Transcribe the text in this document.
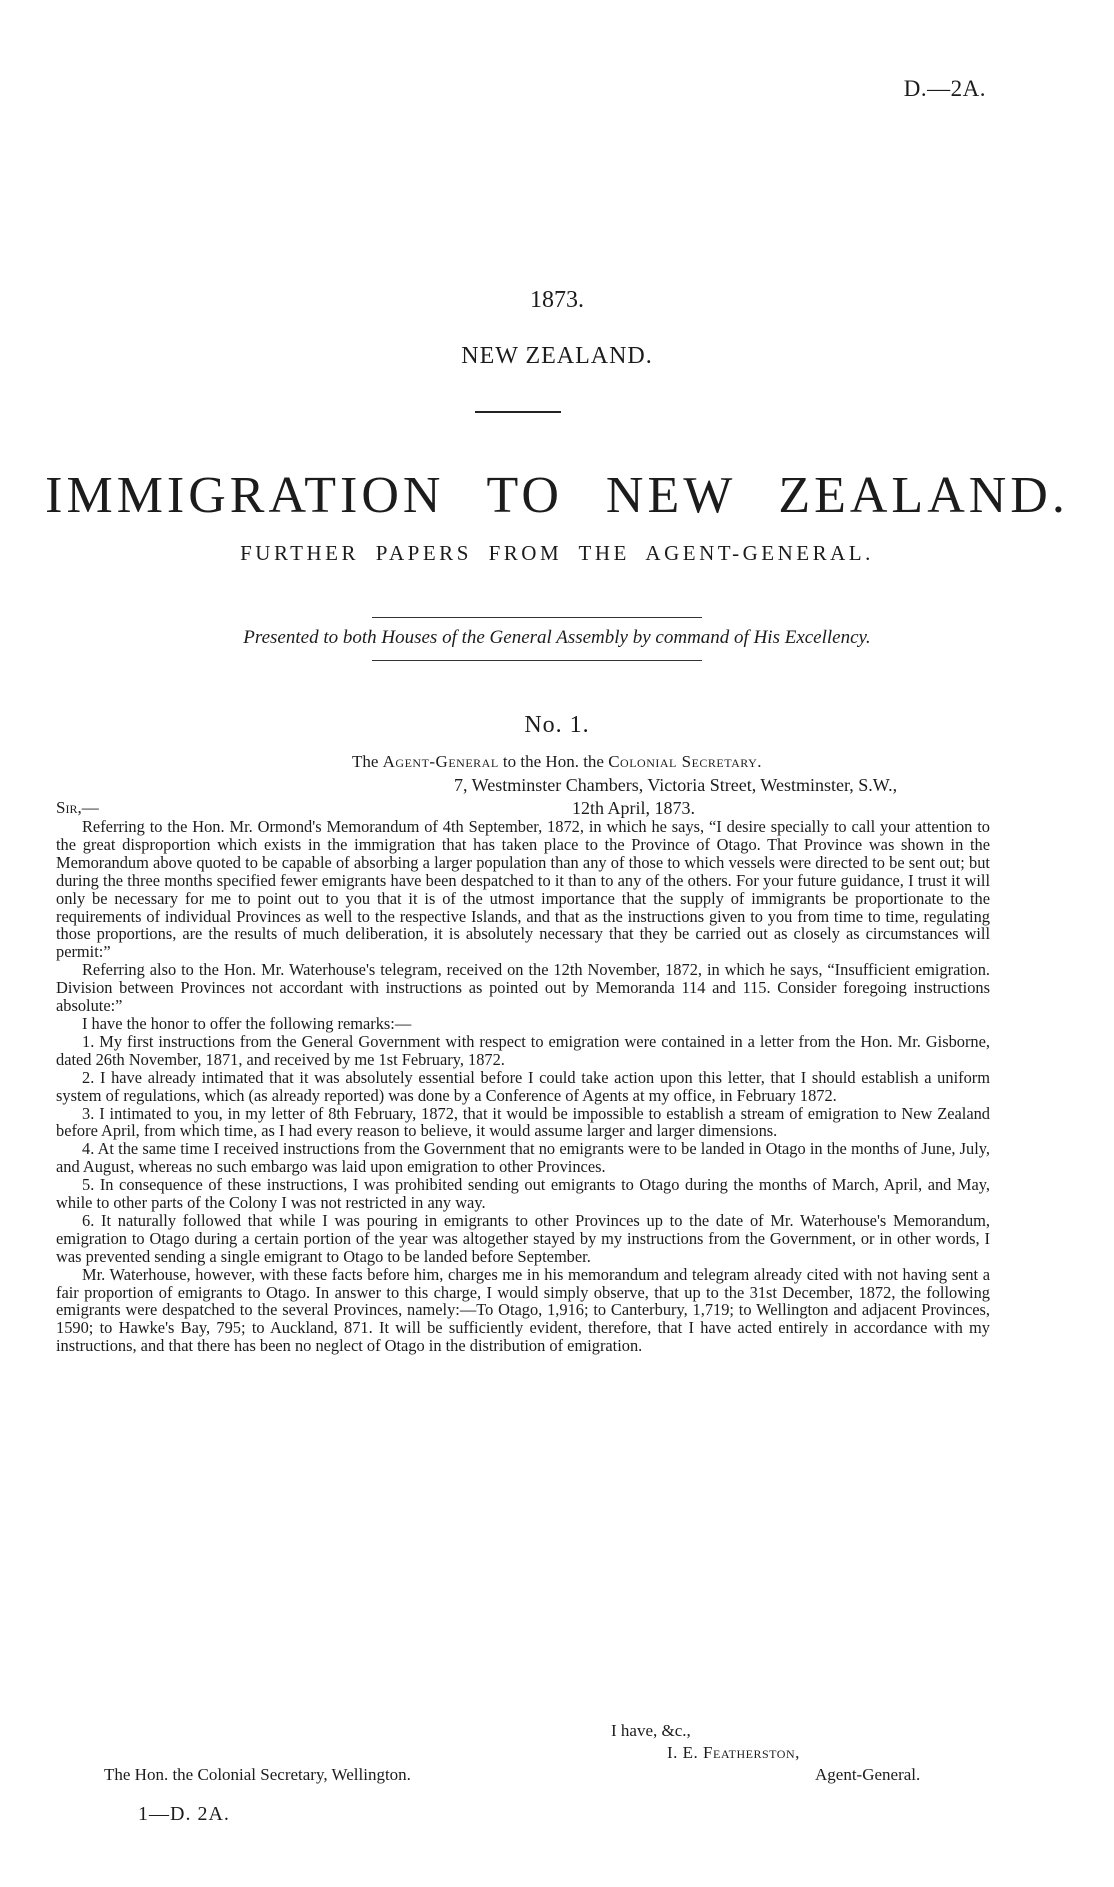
D.—2A.
1873.
NEW ZEALAND.
IMMIGRATION TO NEW ZEALAND.
FURTHER PAPERS FROM THE AGENT-GENERAL.
Presented to both Houses of the General Assembly by command of His Excellency.
No. 1.
The Agent-General to the Hon. the Colonial Secretary.
7, Westminster Chambers, Victoria Street, Westminster, S.W.,
Sir,—	12th April, 1873.

Referring to the Hon. Mr. Ormond's Memorandum of 4th September, 1872, in which he says, “I desire specially to call your attention to the great disproportion which exists in the immigration that has taken place to the Province of Otago. That Province was shown in the Memorandum above quoted to be capable of absorbing a larger population than any of those to which vessels were directed to be sent out; but during the three months specified fewer emigrants have been despatched to it than to any of the others. For your future guidance, I trust it will only be necessary for me to point out to you that it is of the utmost importance that the supply of immigrants be proportionate to the requirements of individual Provinces as well to the respective Islands, and that as the instructions given to you from time to time, regulating those proportions, are the results of much deliberation, it is absolutely necessary that they be carried out as closely as circumstances will permit:”

Referring also to the Hon. Mr. Waterhouse's telegram, received on the 12th November, 1872, in which he says, “Insufficient emigration. Division between Provinces not accordant with instructions as pointed out by Memoranda 114 and 115. Consider foregoing instructions absolute:”

I have the honor to offer the following remarks:—

1. My first instructions from the General Government with respect to emigration were contained in a letter from the Hon. Mr. Gisborne, dated 26th November, 1871, and received by me 1st February, 1872.

2. I have already intimated that it was absolutely essential before I could take action upon this letter, that I should establish a uniform system of regulations, which (as already reported) was done by a Conference of Agents at my office, in February 1872.

3. I intimated to you, in my letter of 8th February, 1872, that it would be impossible to establish a stream of emigration to New Zealand before April, from which time, as I had every reason to believe, it would assume larger and larger dimensions.

4. At the same time I received instructions from the Government that no emigrants were to be landed in Otago in the months of June, July, and August, whereas no such embargo was laid upon emigration to other Provinces.

5. In consequence of these instructions, I was prohibited sending out emigrants to Otago during the months of March, April, and May, while to other parts of the Colony I was not restricted in any way.

6. It naturally followed that while I was pouring in emigrants to other Provinces up to the date of Mr. Waterhouse's Memorandum, emigration to Otago during a certain portion of the year was altogether stayed by my instructions from the Government, or in other words, I was prevented sending a single emigrant to Otago to be landed before September.

Mr. Waterhouse, however, with these facts before him, charges me in his memorandum and telegram already cited with not having sent a fair proportion of emigrants to Otago. In answer to this charge, I would simply observe, that up to the 31st December, 1872, the following emigrants were despatched to the several Provinces, namely:—To Otago, 1,916; to Canterbury, 1,719; to Wellington and adjacent Provinces, 1590; to Hawke's Bay, 795; to Auckland, 871. It will be sufficiently evident, therefore, that I have acted entirely in accordance with my instructions, and that there has been no neglect of Otago in the distribution of emigration.

I have, &c.,
I. E. Featherston,
The Hon. the Colonial Secretary, Wellington.	Agent-General.
1—D. 2A.
